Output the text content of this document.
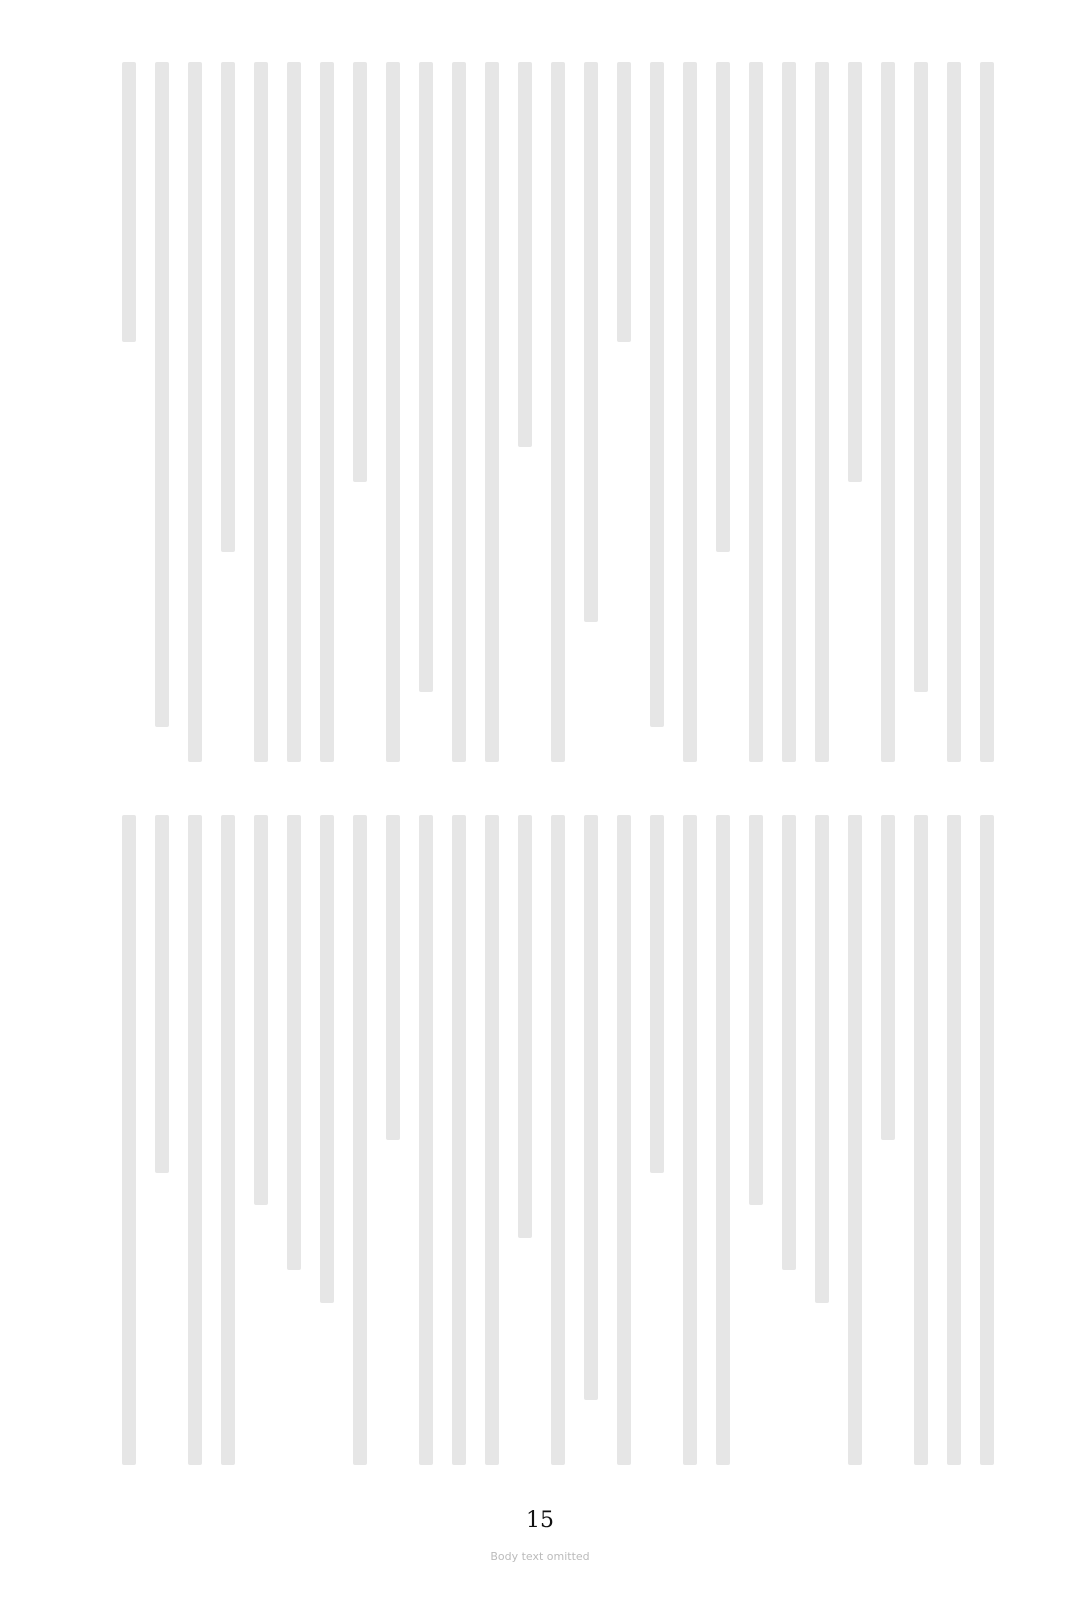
15
Body text omitted
